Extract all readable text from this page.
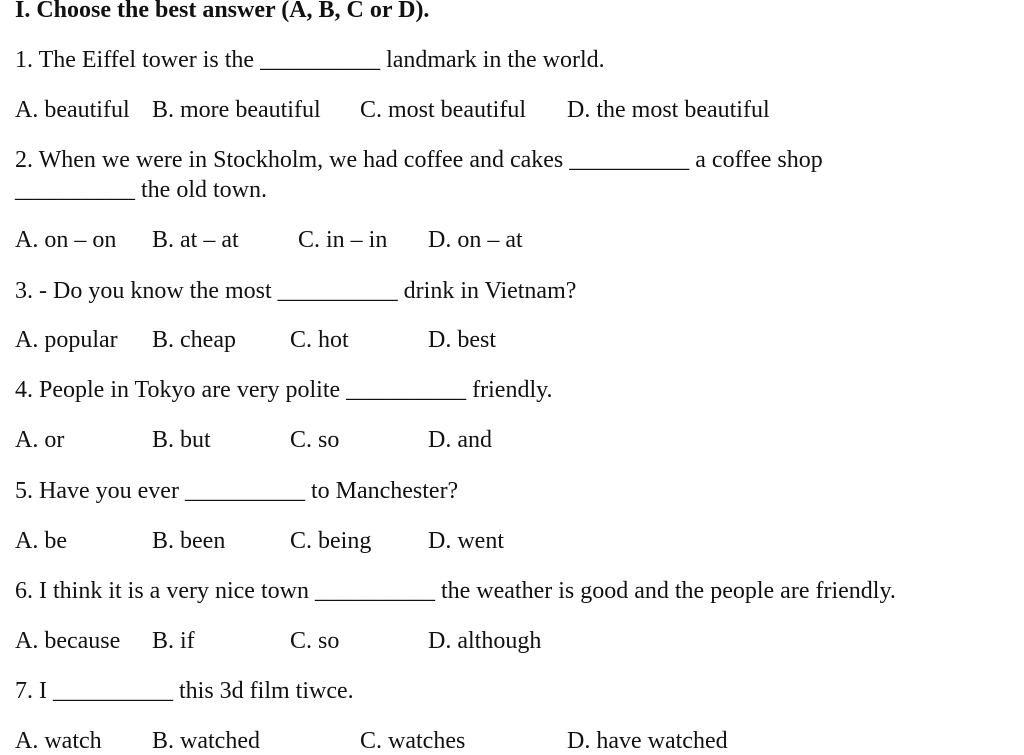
I. Choose the best answer (A, B, C or D).
1. The Eiffel tower is the __________ landmark in the world.
A. beautiful B. more beautiful C. most beautiful D. the most beautiful
2. When we were in Stockholm, we had coffee and cakes __________ a coffee shop
__________ the old town.
A. on – on B. at – at C. in – in D. on – at
3. - Do you know the most __________ drink in Vietnam?
A. popular B. cheap C. hot	D. best
4. People in Tokyo are very polite __________ friendly.
A. or	B. but	C. so	D. and
5. Have you ever __________ to Manchester?
A. be	B. been	C. being D. went
6. I think it is a very nice town __________ the weather is good and the people are friendly.
A. because B. if	C. so	D. although
7. I __________ this 3d film tiwce.
A. watch B. watched	C. watches	D. have watched
